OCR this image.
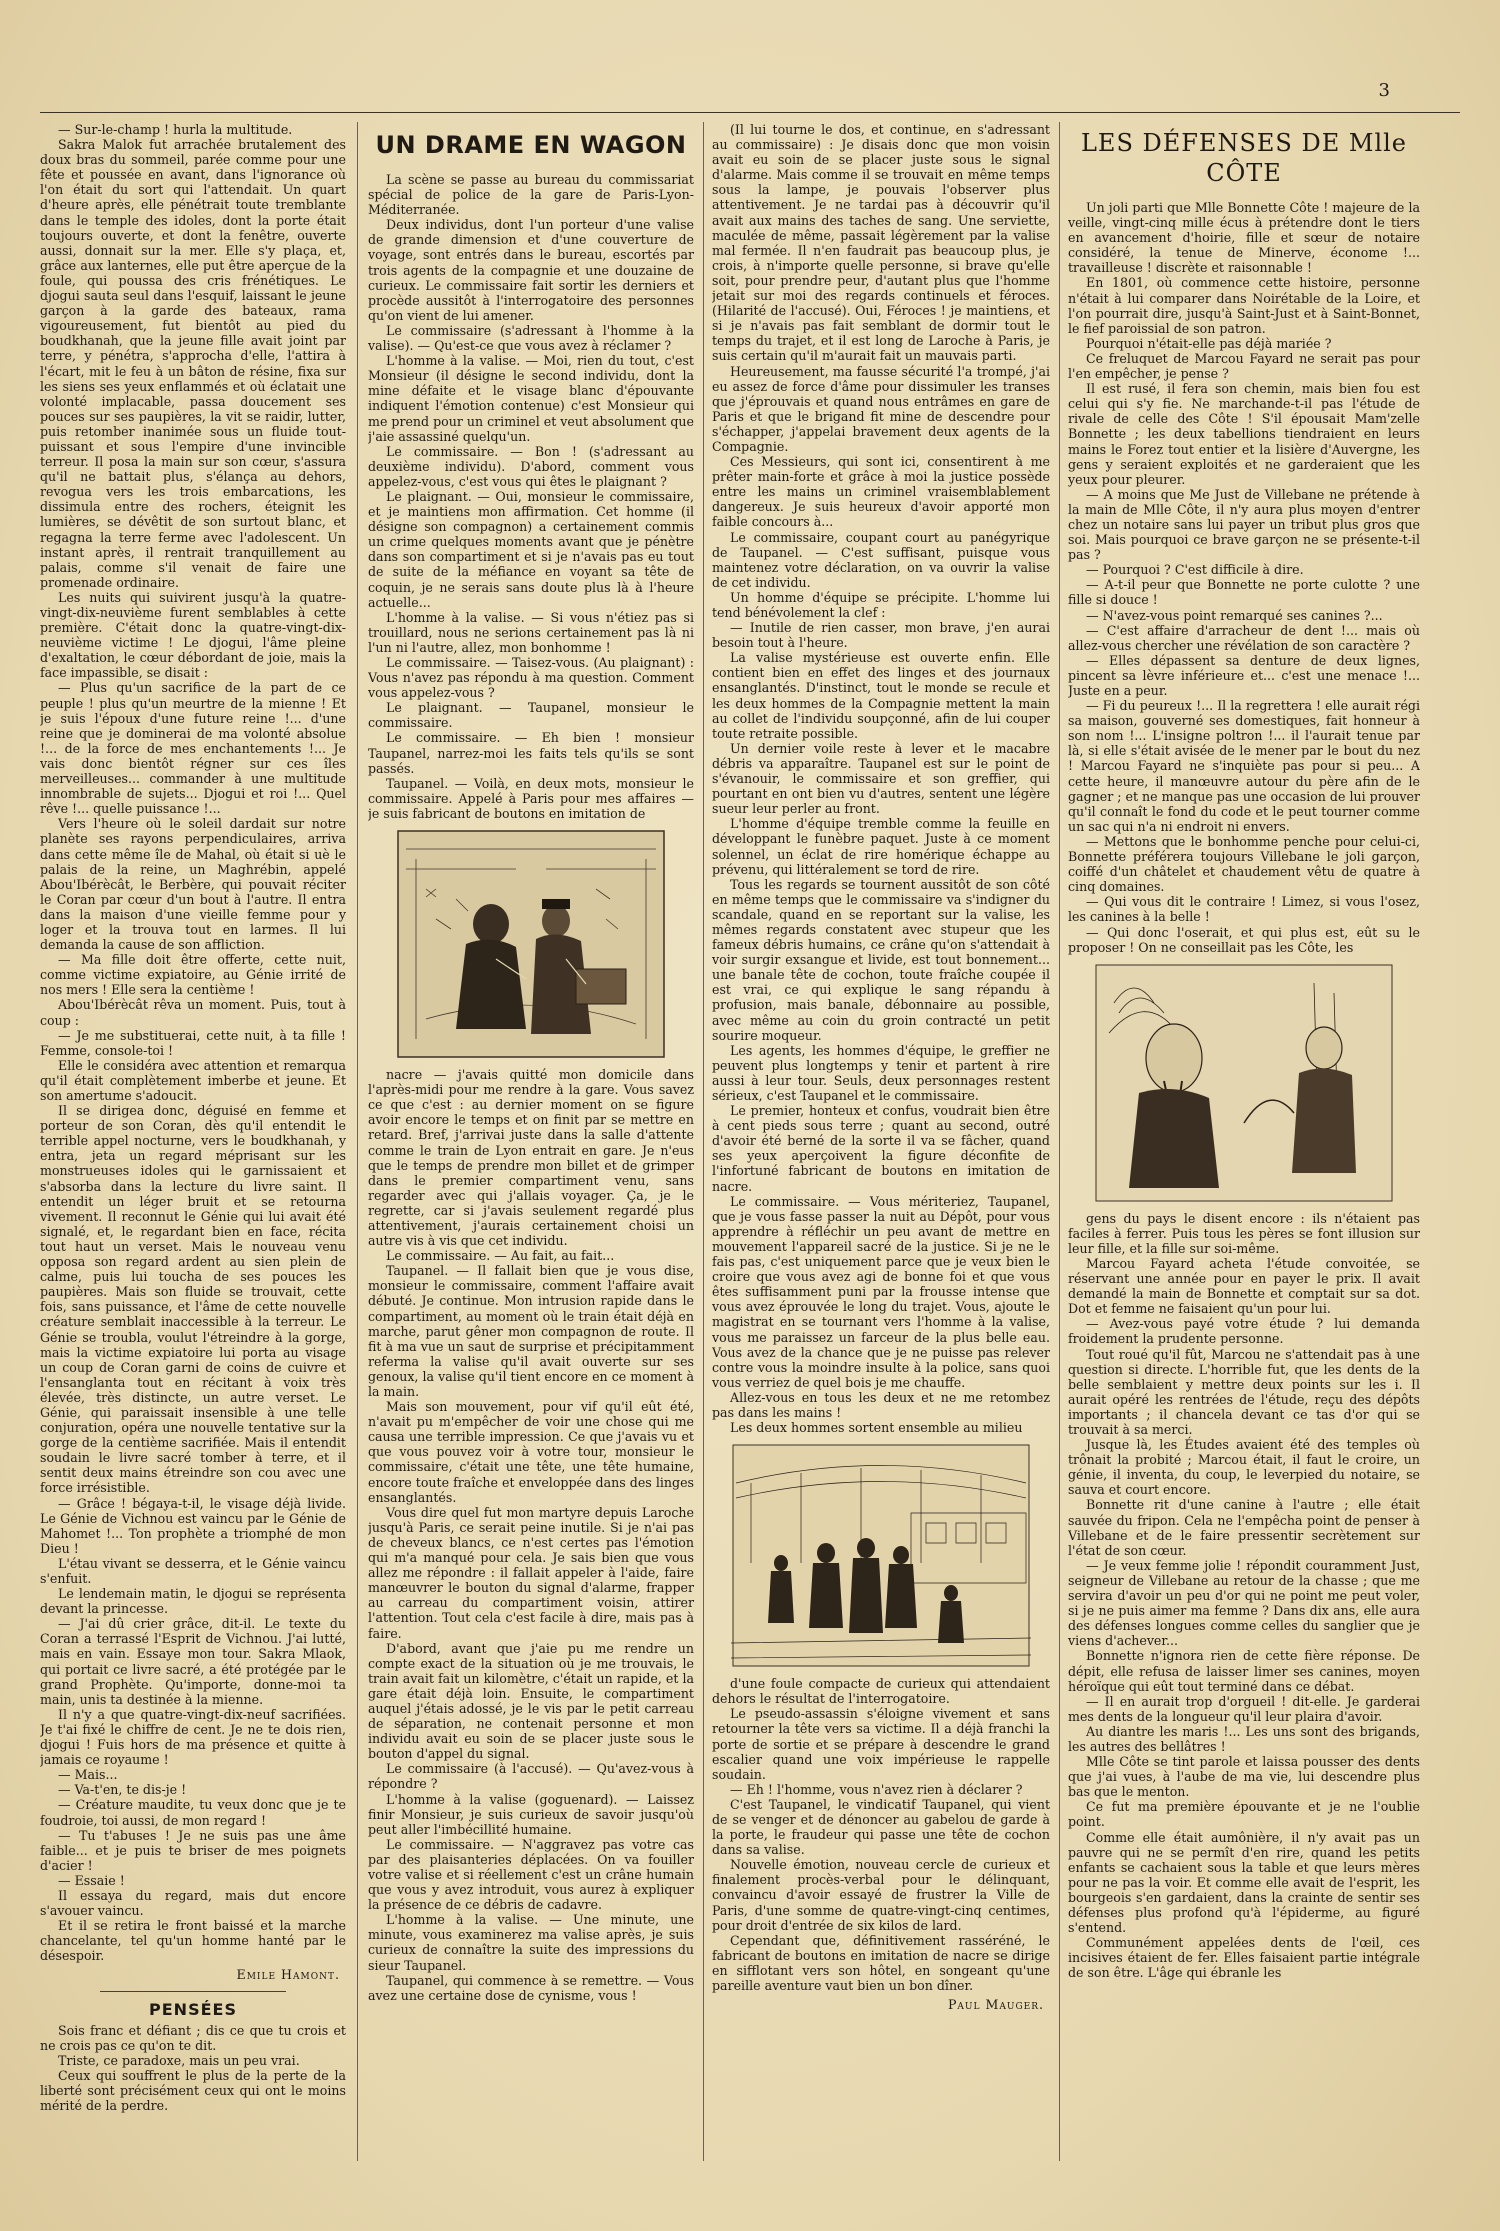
3

— Sur-le-champ ! hurla la multitude.

Sakra Malok fut arrachée brutalement des doux bras du sommeil, parée comme pour une fête et poussée en avant, dans l'ignorance où l'on était du sort qui l'attendait. Un quart d'heure après, elle pénétrait toute tremblante dans le temple des idoles, dont la porte était toujours ouverte, et dont la fenêtre, ouverte aussi, donnait sur la mer. Elle s'y plaça, et, grâce aux lanternes, elle put être aperçue de la foule, qui poussa des cris frénétiques. Le djogui sauta seul dans l'esquif, laissant le jeune garçon à la garde des bateaux, rama vigoureusement, fut bientôt au pied du boudkhanah, que la jeune fille avait joint par terre, y pénétra, s'approcha d'elle, l'attira à l'écart, mit le feu à un bâton de résine, fixa sur les siens ses yeux enflammés et où éclatait une volonté implacable, passa doucement ses pouces sur ses paupières, la vit se raidir, lutter, puis retomber inanimée sous un fluide tout-puissant et sous l'empire d'une invincible terreur. Il posa la main sur son cœur, s'assura qu'il ne battait plus, s'élança au dehors, revogua vers les trois embarcations, les dissimula entre des rochers, éteignit les lumières, se dévêtit de son surtout blanc, et regagna la terre ferme avec l'adolescent. Un instant après, il rentrait tranquillement au palais, comme s'il venait de faire une promenade ordinaire.

Les nuits qui suivirent jusqu'à la quatre-vingt-dix-neuvième furent semblables à cette première. C'était donc la quatre-vingt-dix-neuvième victime ! Le djogui, l'âme pleine d'exaltation, le cœur débordant de joie, mais la face impassible, se disait :

— Plus qu'un sacrifice de la part de ce peuple ! plus qu'un meurtre de la mienne ! Et je suis l'époux d'une future reine !... d'une reine que je dominerai de ma volonté absolue !... de la force de mes enchantements !... Je vais donc bientôt régner sur ces îles merveilleuses... commander à une multitude innombrable de sujets... Djogui et roi !... Quel rêve !... quelle puissance !...

Vers l'heure où le soleil dardait sur notre planète ses rayons perpendiculaires, arriva dans cette même île de Mahal, où était si uè le palais de la reine, un Maghrébin, appelé Abou'Ibérècât, le Berbère, qui pouvait réciter le Coran par cœur d'un bout à l'autre. Il entra dans la maison d'une vieille femme pour y loger et la trouva tout en larmes. Il lui demanda la cause de son affliction.

— Ma fille doit être offerte, cette nuit, comme victime expiatoire, au Génie irrité de nos mers ! Elle sera la centième !

Abou'Ibérècât rêva un moment. Puis, tout à coup :

— Je me substituerai, cette nuit, à ta fille ! Femme, console-toi !

Elle le considéra avec attention et remarqua qu'il était complètement imberbe et jeune. Et son amertume s'adoucit.

Il se dirigea donc, déguisé en femme et porteur de son Coran, dès qu'il entendit le terrible appel nocturne, vers le boudkhanah, y entra, jeta un regard méprisant sur les monstrueuses idoles qui le garnissaient et s'absorba dans la lecture du livre saint. Il entendit un léger bruit et se retourna vivement. Il reconnut le Génie qui lui avait été signalé, et, le regardant bien en face, récita tout haut un verset. Mais le nouveau venu opposa son regard ardent au sien plein de calme, puis lui toucha de ses pouces les paupières. Mais son fluide se trouvait, cette fois, sans puissance, et l'âme de cette nouvelle créature semblait inaccessible à la terreur. Le Génie se troubla, voulut l'étreindre à la gorge, mais la victime expiatoire lui porta au visage un coup de Coran garni de coins de cuivre et l'ensanglanta tout en récitant à voix très élevée, très distincte, un autre verset. Le Génie, qui paraissait insensible à une telle conjuration, opéra une nouvelle tentative sur la gorge de la centième sacrifiée. Mais il entendit soudain le livre sacré tomber à terre, et il sentit deux mains étreindre son cou avec une force irrésistible.

— Grâce ! bégaya-t-il, le visage déjà livide. Le Génie de Vichnou est vaincu par le Génie de Mahomet !... Ton prophète a triomphé de mon Dieu !

L'étau vivant se desserra, et le Génie vaincu s'enfuit.

Le lendemain matin, le djogui se représenta devant la princesse.

— J'ai dû crier grâce, dit-il. Le texte du Coran a terrassé l'Esprit de Vichnou. J'ai lutté, mais en vain. Essaye mon tour. Sakra Mlaok, qui portait ce livre sacré, a été protégée par le grand Prophète. Qu'importe, donne-moi ta main, unis ta destinée à la mienne.

Il n'y a que quatre-vingt-dix-neuf sacrifiées. Je t'ai fixé le chiffre de cent. Je ne te dois rien, djogui ! Fuis hors de ma présence et quitte à jamais ce royaume !

— Mais...

— Va-t'en, te dis-je !

— Créature maudite, tu veux donc que je te foudroie, toi aussi, de mon regard !

— Tu t'abuses ! Je ne suis pas une âme faible... et je puis te briser de mes poignets d'acier !

— Essaie !

Il essaya du regard, mais dut encore s'avouer vaincu.

Et il se retira le front baissé et la marche chancelante, tel qu'un homme hanté par le désespoir.

Emile Hamont.
PENSÉES

Sois franc et défiant ; dis ce que tu crois et ne crois pas ce qu'on te dit.

Triste, ce paradoxe, mais un peu vrai.

Ceux qui souffrent le plus de la perte de la liberté sont précisément ceux qui ont le moins mérité de la perdre.

UN DRAME EN WAGON

La scène se passe au bureau du commissariat spécial de police de la gare de Paris-Lyon-Méditerranée.

Deux individus, dont l'un porteur d'une valise de grande dimension et d'une couverture de voyage, sont entrés dans le bureau, escortés par trois agents de la compagnie et une douzaine de curieux. Le commissaire fait sortir les derniers et procède aussitôt à l'interrogatoire des personnes qu'on vient de lui amener.

Le commissaire (s'adressant à l'homme à la valise). — Qu'est-ce que vous avez à réclamer ?

L'homme à la valise. — Moi, rien du tout, c'est Monsieur (il désigne le second individu, dont la mine défaite et le visage blanc d'épouvante indiquent l'émotion contenue) c'est Monsieur qui me prend pour un criminel et veut absolument que j'aie assassiné quelqu'un.

Le commissaire. — Bon ! (s'adressant au deuxième individu). D'abord, comment vous appelez-vous, c'est vous qui êtes le plaignant ?

Le plaignant. — Oui, monsieur le commissaire, et je maintiens mon affirmation. Cet homme (il désigne son compagnon) a certainement commis un crime quelques moments avant que je pénètre dans son compartiment et si je n'avais pas eu tout de suite de la méfiance en voyant sa tête de coquin, je ne serais sans doute plus là à l'heure actuelle...

L'homme à la valise. — Si vous n'étiez pas si trouillard, nous ne serions certainement pas là ni l'un ni l'autre, allez, mon bonhomme !

Le commissaire. — Taisez-vous. (Au plaignant) : Vous n'avez pas répondu à ma question. Comment vous appelez-vous ?

Le plaignant. — Taupanel, monsieur le commissaire.

Le commissaire. — Eh bien ! monsieur Taupanel, narrez-moi les faits tels qu'ils se sont passés.

Taupanel. — Voilà, en deux mots, monsieur le commissaire. Appelé à Paris pour mes affaires — je suis fabricant de boutons en imitation de

nacre — j'avais quitté mon domicile dans l'après-midi pour me rendre à la gare. Vous savez ce que c'est : au dernier moment on se figure avoir encore le temps et on finit par se mettre en retard. Bref, j'arrivai juste dans la salle d'attente comme le train de Lyon entrait en gare. Je n'eus que le temps de prendre mon billet et de grimper dans le premier compartiment venu, sans regarder avec qui j'allais voyager. Ça, je le regrette, car si j'avais seulement regardé plus attentivement, j'aurais certainement choisi un autre vis à vis que cet individu.

Le commissaire. — Au fait, au fait...

Taupanel. — Il fallait bien que je vous dise, monsieur le commissaire, comment l'affaire avait débuté. Je continue. Mon intrusion rapide dans le compartiment, au moment où le train était déjà en marche, parut gêner mon compagnon de route. Il fit à ma vue un saut de surprise et précipitamment referma la valise qu'il avait ouverte sur ses genoux, la valise qu'il tient encore en ce moment à la main.

Mais son mouvement, pour vif qu'il eût été, n'avait pu m'empêcher de voir une chose qui me causa une terrible impression. Ce que j'avais vu et que vous pouvez voir à votre tour, monsieur le commissaire, c'était une tête, une tête humaine, encore toute fraîche et enveloppée dans des linges ensanglantés.

Vous dire quel fut mon martyre depuis Laroche jusqu'à Paris, ce serait peine inutile. Si je n'ai pas de cheveux blancs, ce n'est certes pas l'émotion qui m'a manqué pour cela. Je sais bien que vous allez me répondre : il fallait appeler à l'aide, faire manœuvrer le bouton du signal d'alarme, frapper au carreau du compartiment voisin, attirer l'attention. Tout cela c'est facile à dire, mais pas à faire.

D'abord, avant que j'aie pu me rendre un compte exact de la situation où je me trouvais, le train avait fait un kilomètre, c'était un rapide, et la gare était déjà loin. Ensuite, le compartiment auquel j'étais adossé, je le vis par le petit carreau de séparation, ne contenait personne et mon individu avait eu soin de se placer juste sous le bouton d'appel du signal.

Le commissaire (à l'accusé). — Qu'avez-vous à répondre ?

L'homme à la valise (goguenard). — Laissez finir Monsieur, je suis curieux de savoir jusqu'où peut aller l'imbécillité humaine.

Le commissaire. — N'aggravez pas votre cas par des plaisanteries déplacées. On va fouiller votre valise et si réellement c'est un crâne humain que vous y avez introduit, vous aurez à expliquer la présence de ce débris de cadavre.

L'homme à la valise. — Une minute, une minute, vous examinerez ma valise après, je suis curieux de connaître la suite des impressions du sieur Taupanel.

Taupanel, qui commence à se remettre. — Vous avez une certaine dose de cynisme, vous !

(Il lui tourne le dos, et continue, en s'adressant au commissaire) : Je disais donc que mon voisin avait eu soin de se placer juste sous le signal d'alarme. Mais comme il se trouvait en même temps sous la lampe, je pouvais l'observer plus attentivement. Je ne tardai pas à découvrir qu'il avait aux mains des taches de sang. Une serviette, maculée de même, passait légèrement par la valise mal fermée. Il n'en faudrait pas beaucoup plus, je crois, à n'importe quelle personne, si brave qu'elle soit, pour prendre peur, d'autant plus que l'homme jetait sur moi des regards continuels et féroces. (Hilarité de l'accusé). Oui, Féroces ! je maintiens, et si je n'avais pas fait semblant de dormir tout le temps du trajet, et il est long de Laroche à Paris, je suis certain qu'il m'aurait fait un mauvais parti.

Heureusement, ma fausse sécurité l'a trompé, j'ai eu assez de force d'âme pour dissimuler les transes que j'éprouvais et quand nous entrâmes en gare de Paris et que le brigand fit mine de descendre pour s'échapper, j'appelai bravement deux agents de la Compagnie.

Ces Messieurs, qui sont ici, consentirent à me prêter main-forte et grâce à moi la justice possède entre les mains un criminel vraisemblablement dangereux. Je suis heureux d'avoir apporté mon faible concours à...

Le commissaire, coupant court au panégyrique de Taupanel. — C'est suffisant, puisque vous maintenez votre déclaration, on va ouvrir la valise de cet individu.

Un homme d'équipe se précipite. L'homme lui tend bénévolement la clef :

— Inutile de rien casser, mon brave, j'en aurai besoin tout à l'heure.

La valise mystérieuse est ouverte enfin. Elle contient bien en effet des linges et des journaux ensanglantés. D'instinct, tout le monde se recule et les deux hommes de la Compagnie mettent la main au collet de l'individu soupçonné, afin de lui couper toute retraite possible.

Un dernier voile reste à lever et le macabre débris va apparaître. Taupanel est sur le point de s'évanouir, le commissaire et son greffier, qui pourtant en ont bien vu d'autres, sentent une légère sueur leur perler au front.

L'homme d'équipe tremble comme la feuille en développant le funèbre paquet. Juste à ce moment solennel, un éclat de rire homérique échappe au prévenu, qui littéralement se tord de rire.

Tous les regards se tournent aussitôt de son côté en même temps que le commissaire va s'indigner du scandale, quand en se reportant sur la valise, les mêmes regards constatent avec stupeur que les fameux débris humains, ce crâne qu'on s'attendait à voir surgir exsangue et livide, est tout bonnement... une banale tête de cochon, toute fraîche coupée il est vrai, ce qui explique le sang répandu à profusion, mais banale, débonnaire au possible, avec même au coin du groin contracté un petit sourire moqueur.

Les agents, les hommes d'équipe, le greffier ne peuvent plus longtemps y tenir et partent à rire aussi à leur tour. Seuls, deux personnages restent sérieux, c'est Taupanel et le commissaire.

Le premier, honteux et confus, voudrait bien être à cent pieds sous terre ; quant au second, outré d'avoir été berné de la sorte il va se fâcher, quand ses yeux aperçoivent la figure déconfite de l'infortuné fabricant de boutons en imitation de nacre.

Le commissaire. — Vous mériteriez, Taupanel, que je vous fasse passer la nuit au Dépôt, pour vous apprendre à réfléchir un peu avant de mettre en mouvement l'appareil sacré de la justice. Si je ne le fais pas, c'est uniquement parce que je veux bien le croire que vous avez agi de bonne foi et que vous êtes suffisamment puni par la frousse intense que vous avez éprouvée le long du trajet. Vous, ajoute le magistrat en se tournant vers l'homme à la valise, vous me paraissez un farceur de la plus belle eau. Vous avez de la chance que je ne puisse pas relever contre vous la moindre insulte à la police, sans quoi vous verriez de quel bois je me chauffe.

Allez-vous en tous les deux et ne me retombez pas dans les mains !

Les deux hommes sortent ensemble au milieu

d'une foule compacte de curieux qui attendaient dehors le résultat de l'interrogatoire.

Le pseudo-assassin s'éloigne vivement et sans retourner la tête vers sa victime. Il a déjà franchi la porte de sortie et se prépare à descendre le grand escalier quand une voix impérieuse le rappelle soudain.

— Eh ! l'homme, vous n'avez rien à déclarer ?

C'est Taupanel, le vindicatif Taupanel, qui vient de se venger et de dénoncer au gabelou de garde à la porte, le fraudeur qui passe une tête de cochon dans sa valise.

Nouvelle émotion, nouveau cercle de curieux et finalement procès-verbal pour le délinquant, convaincu d'avoir essayé de frustrer la Ville de Paris, d'une somme de quatre-vingt-cinq centimes, pour droit d'entrée de six kilos de lard.

Cependant que, définitivement rasséréné, le fabricant de boutons en imitation de nacre se dirige en sifflotant vers son hôtel, en songeant qu'une pareille aventure vaut bien un bon dîner.

Paul Mauger.
LES DÉFENSES DE Mlle CÔTE

Un joli parti que Mlle Bonnette Côte ! majeure de la veille, vingt-cinq mille écus à prétendre dont le tiers en avancement d'hoirie, fille et sœur de notaire considéré, la tenue de Minerve, économe !... travailleuse ! discrète et raisonnable !

En 1801, où commence cette histoire, personne n'était à lui comparer dans Noirétable de la Loire, et l'on pourrait dire, jusqu'à Saint-Just et à Saint-Bonnet, le fief paroissial de son patron.

Pourquoi n'était-elle pas déjà mariée ?

Ce freluquet de Marcou Fayard ne serait pas pour l'en empêcher, je pense ?

Il est rusé, il fera son chemin, mais bien fou est celui qui s'y fie. Ne marchande-t-il pas l'étude de rivale de celle des Côte ! S'il épousait Mam'zelle Bonnette ; les deux tabellions tiendraient en leurs mains le Forez tout entier et la lisière d'Auvergne, les gens y seraient exploités et ne garderaient que les yeux pour pleurer.

— A moins que Me Just de Villebane ne prétende à la main de Mlle Côte, il n'y aura plus moyen d'entrer chez un notaire sans lui payer un tribut plus gros que soi. Mais pourquoi ce brave garçon ne se présente-t-il pas ?

— Pourquoi ? C'est difficile à dire.

— A-t-il peur que Bonnette ne porte culotte ? une fille si douce !

— N'avez-vous point remarqué ses canines ?...

— C'est affaire d'arracheur de dent !... mais où allez-vous chercher une révélation de son caractère ?

— Elles dépassent sa denture de deux lignes, pincent sa lèvre inférieure et... c'est une menace !... Juste en a peur.

— Fi du peureux !... Il la regrettera ! elle aurait régi sa maison, gouverné ses domestiques, fait honneur à son nom !... L'insigne poltron !... il l'aurait tenue par là, si elle s'était avisée de le mener par le bout du nez ! Marcou Fayard ne s'inquiète pas pour si peu... A cette heure, il manœuvre autour du père afin de le gagner ; et ne manque pas une occasion de lui prouver qu'il connaît le fond du code et le peut tourner comme un sac qui n'a ni endroit ni envers.

— Mettons que le bonhomme penche pour celui-ci, Bonnette préférera toujours Villebane le joli garçon, coiffé d'un châtelet et chaudement vêtu de quatre à cinq domaines.

— Qui vous dit le contraire ! Limez, si vous l'osez, les canines à la belle !

— Qui donc l'oserait, et qui plus est, eût su le proposer ! On ne conseillait pas les Côte, les

gens du pays le disent encore : ils n'étaient pas faciles à ferrer. Puis tous les pères se font illusion sur leur fille, et la fille sur soi-même.

Marcou Fayard acheta l'étude convoitée, se réservant une année pour en payer le prix. Il avait demandé la main de Bonnette et comptait sur sa dot. Dot et femme ne faisaient qu'un pour lui.

— Avez-vous payé votre étude ? lui demanda froidement la prudente personne.

Tout roué qu'il fût, Marcou ne s'attendait pas à une question si directe. L'horrible fut, que les dents de la belle semblaient y mettre deux points sur les i. Il aurait opéré les rentrées de l'étude, reçu des dépôts importants ; il chancela devant ce tas d'or qui se trouvait à sa merci.

Jusque là, les Études avaient été des temples où trônait la probité ; Marcou était, il faut le croire, un génie, il inventa, du coup, le leverpied du notaire, se sauva et court encore.

Bonnette rit d'une canine à l'autre ; elle était sauvée du fripon. Cela ne l'empêcha point de penser à Villebane et de le faire pressentir secrètement sur l'état de son cœur.

— Je veux femme jolie ! répondit couramment Just, seigneur de Villebane au retour de la chasse ; que me servira d'avoir un peu d'or qui ne point me peut voler, si je ne puis aimer ma femme ? Dans dix ans, elle aura des défenses longues comme celles du sanglier que je viens d'achever...

Bonnette n'ignora rien de cette fière réponse. De dépit, elle refusa de laisser limer ses canines, moyen héroïque qui eût tout terminé dans ce débat.

— Il en aurait trop d'orgueil ! dit-elle. Je garderai mes dents de la longueur qu'il leur plaira d'avoir.

Au diantre les maris !... Les uns sont des brigands, les autres des bellâtres !

Mlle Côte se tint parole et laissa pousser des dents que j'ai vues, à l'aube de ma vie, lui descendre plus bas que le menton.

Ce fut ma première épouvante et je ne l'oublie point.

Comme elle était aumônière, il n'y avait pas un pauvre qui ne se permît d'en rire, quand les petits enfants se cachaient sous la table et que leurs mères pour ne pas la voir. Et comme elle avait de l'esprit, les bourgeois s'en gardaient, dans la crainte de sentir ses défenses plus profond qu'à l'épiderme, au figuré s'entend.

Communément appelées dents de l'œil, ces incisives étaient de fer. Elles faisaient partie intégrale de son être. L'âge qui ébranle les
